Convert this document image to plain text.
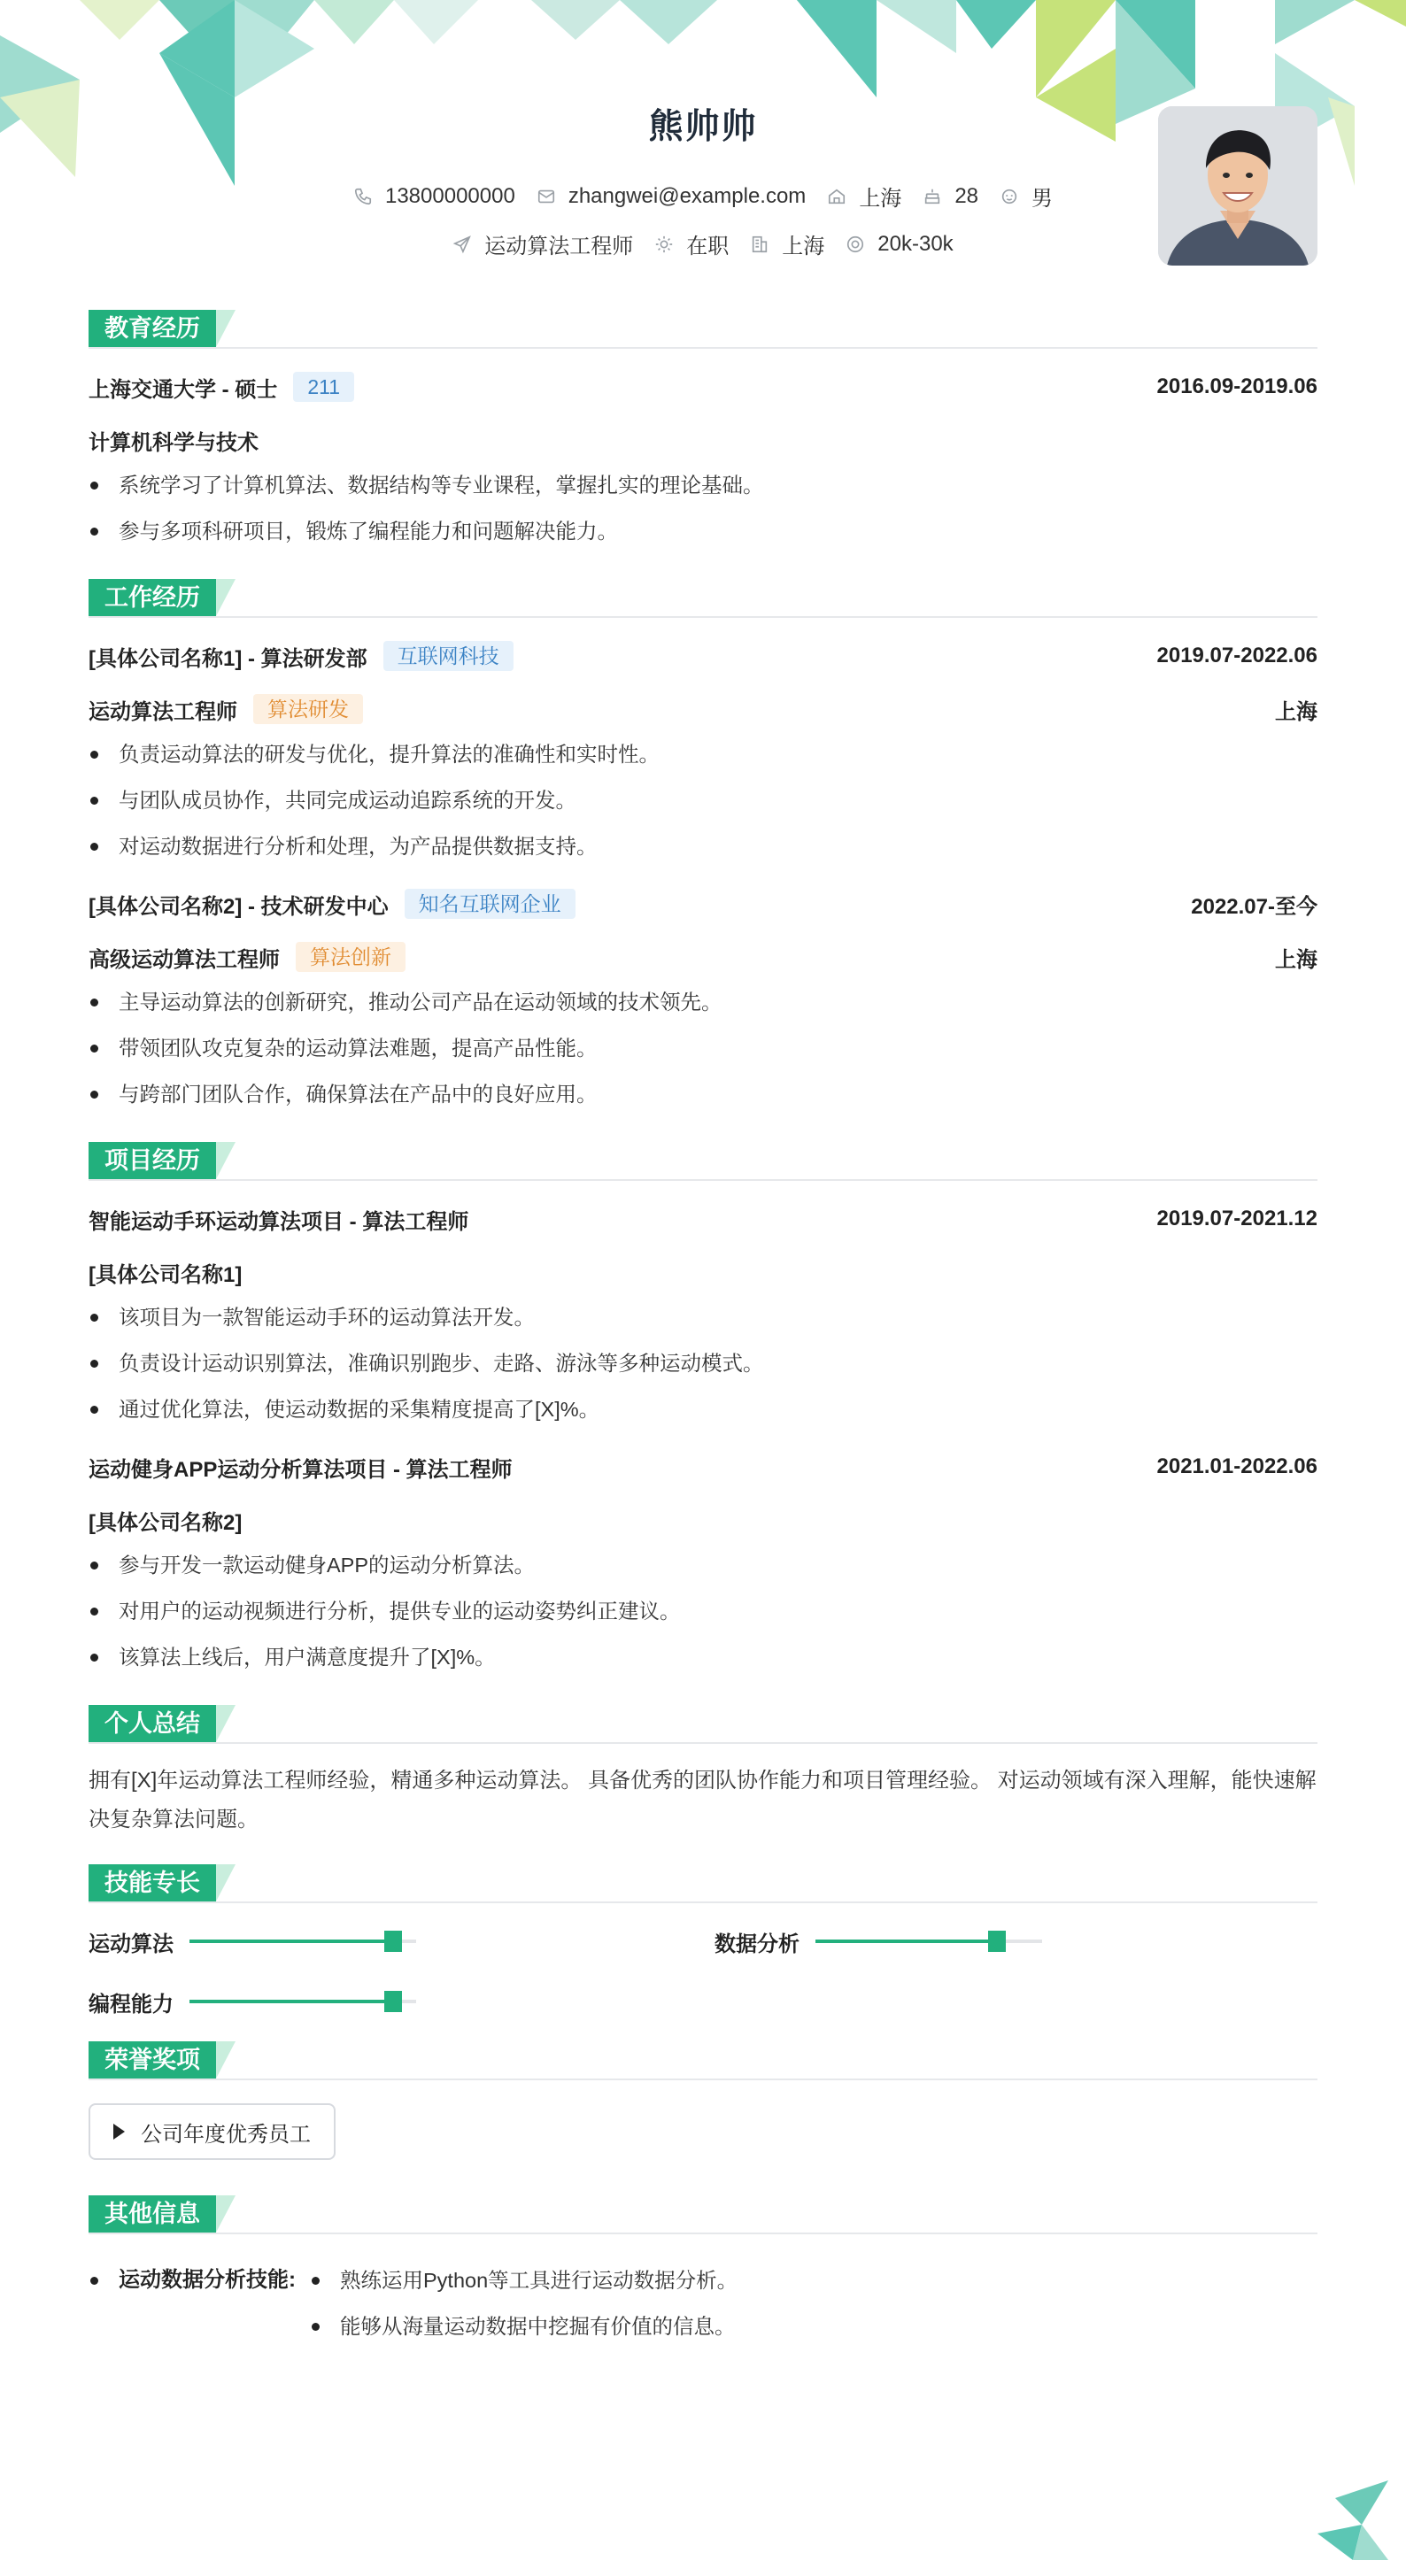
熊帅帅
13800000000	zhangwei@example.com	上海	28	男
运动算法工程师	在职	上海	20k-30k
教育经历
上海交通大学 - 硕士	211	2016.09-2019.06
计算机科学与技术
系统学习了计算机算法、数据结构等专业课程，掌握扎实的理论基础。
参与多项科研项目，锻炼了编程能力和问题解决能力。
工作经历
[具体公司名称1] - 算法研发部	互联网科技	2019.07-2022.06
运动算法工程师	算法研发	上海
负责运动算法的研发与优化，提升算法的准确性和实时性。
与团队成员协作，共同完成运动追踪系统的开发。
对运动数据进行分析和处理，为产品提供数据支持。
[具体公司名称2] - 技术研发中心	知名互联网企业	2022.07-至今
高级运动算法工程师	算法创新	上海
主导运动算法的创新研究，推动公司产品在运动领域的技术领先。
带领团队攻克复杂的运动算法难题，提高产品性能。
与跨部门团队合作，确保算法在产品中的良好应用。
项目经历
智能运动手环运动算法项目 - 算法工程师	2019.07-2021.12
[具体公司名称1]
该项目为一款智能运动手环的运动算法开发。
负责设计运动识别算法，准确识别跑步、走路、游泳等多种运动模式。
通过优化算法，使运动数据的采集精度提高了[X]%。
运动健身APP运动分析算法项目 - 算法工程师	2021.01-2022.06
[具体公司名称2]
参与开发一款运动健身APP的运动分析算法。
对用户的运动视频进行分析，提供专业的运动姿势纠正建议。
该算法上线后，用户满意度提升了[X]%。
个人总结
拥有[X]年运动算法工程师经验，精通多种运动算法。 具备优秀的团队协作能力和项目管理经验。 对运动领域有深入理解，能快速解决复杂算法问题。
技能专长
运动算法	数据分析
编程能力
荣誉奖项
公司年度优秀员工
其他信息
运动数据分析技能:	熟练运用Python等工具进行运动数据分析。
能够从海量运动数据中挖掘有价值的信息。
